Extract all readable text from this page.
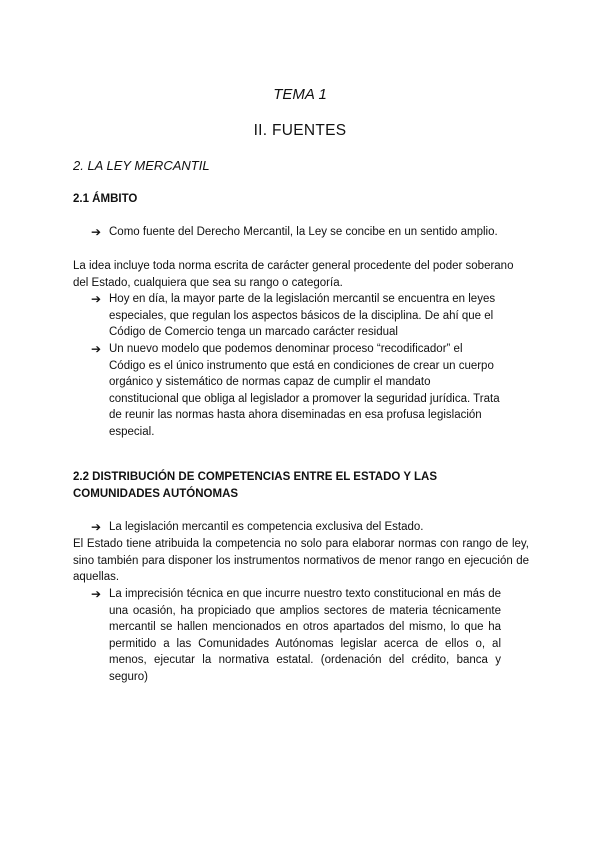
TEMA 1
II. FUENTES
2. LA LEY MERCANTIL
2.1 ÁMBITO
➔ Como fuente del Derecho Mercantil, la Ley se concibe en un sentido amplio.
La idea incluye toda norma escrita de carácter general procedente del poder soberano del Estado, cualquiera que sea su rango o categoría.
➔ Hoy en día, la mayor parte de la legislación mercantil se encuentra en leyes especiales, que regulan los aspectos básicos de la disciplina. De ahí que el Código de Comercio tenga un marcado carácter residual
➔ Un nuevo modelo que podemos denominar proceso “recodificador” el Código es el único instrumento que está en condiciones de crear un cuerpo orgánico y sistemático de normas capaz de cumplir el mandato constitucional que obliga al legislador a promover la seguridad jurídica. Trata de reunir las normas hasta ahora diseminadas en esa profusa legislación especial.
2.2 DISTRIBUCIÓN DE COMPETENCIAS ENTRE EL ESTADO Y LAS COMUNIDADES AUTÓNOMAS
➔ La legislación mercantil es competencia exclusiva del Estado.
El Estado tiene atribuida la competencia no solo para elaborar normas con rango de ley, sino también para disponer los instrumentos normativos de menor rango en ejecución de aquellas.
➔ La imprecisión técnica en que incurre nuestro texto constitucional en más de una ocasión, ha propiciado que amplios sectores de materia técnicamente mercantil se hallen mencionados en otros apartados del mismo, lo que ha permitido a las Comunidades Autónomas legislar acerca de ellos o, al menos, ejecutar la normativa estatal. (ordenación del crédito, banca y seguro)
